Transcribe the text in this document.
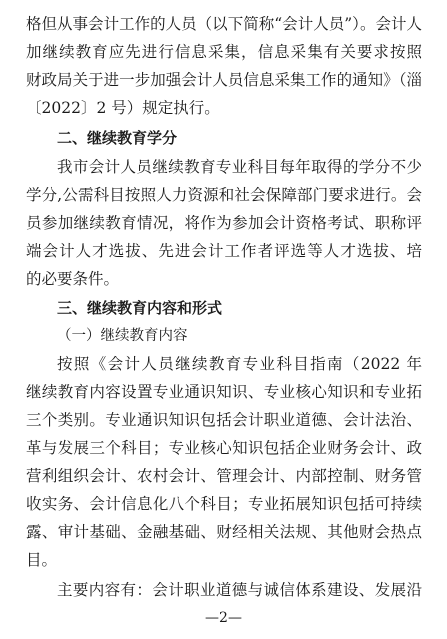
格但从事会计工作的人员（以下简称“会计人员”）。会计人
加继续教育应先进行信息采集，信息采集有关要求按照
财政局关于进一步加强会计人员信息采集工作的通知》（淄
〔2022〕2 号）规定执行。
二、继续教育学分
我市会计人员继续教育专业科目每年取得的学分不少
学分,公需科目按照人力资源和社会保障部门要求进行。会
员参加继续教育情况，将作为参加会计资格考试、职称评
端会计人才选拔、先进会计工作者评选等人才选拔、培
的必要条件。
三、继续教育内容和形式
（一）继续教育内容
按照《会计人员继续教育专业科目指南（2022 年
继续教育内容设置专业通识知识、专业核心知识和专业拓
三个类别。专业通识知识包括会计职业道德、会计法治、
革与发展三个科目；专业核心知识包括企业财务会计、政
营利组织会计、农村会计、管理会计、内部控制、财务管
收实务、会计信息化八个科目；专业拓展知识包括可持续
露、审计基础、金融基础、财经相关法规、其他财会热点
目。
主要内容有：会计职业道德与诚信体系建设、发展沿
—2—
